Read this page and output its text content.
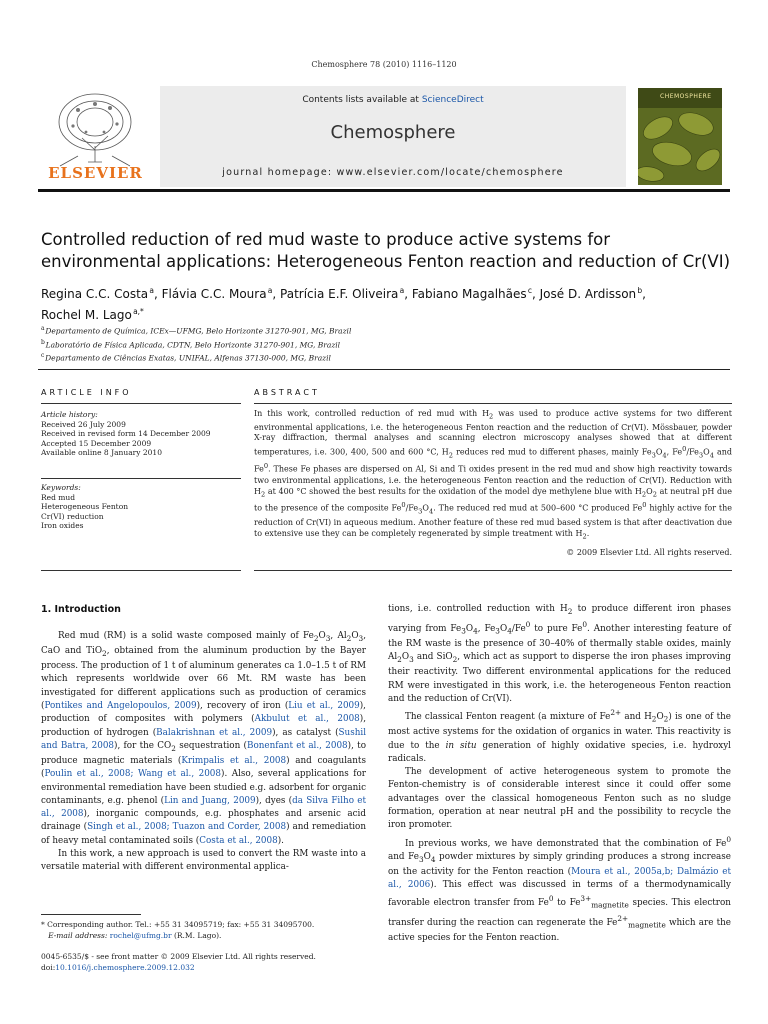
Chemosphere 78 (2010) 1116–1120
Contents lists available at ScienceDirect
Chemosphere
journal homepage: www.elsevier.com/locate/chemosphere
ELSEVIER
CHEMOSPHERE
Controlled reduction of red mud waste to produce active systems for
environmental applications: Heterogeneous Fenton reaction and reduction of Cr(VI)
Regina C.C. Costa $^a$, Flávia C.C. Moura $^a$, Patrícia E.F. Oliveira $^a$, Fabiano Magalhães $^c$, José D. Ardisson $^b$,
Rochel M. Lago $^{a,*}$
$^a$ Departamento de Química, ICEx—UFMG, Belo Horizonte 31270-901, MG, Brazil
$^b$ Laboratório de Física Aplicada, CDTN, Belo Horizonte 31270-901, MG, Brazil
$^c$ Departamento de Ciências Exatas, UNIFAL, Alfenas 37130-000, MG, Brazil
ARTICLE INFO	ABSTRACT
Article history:
Received 26 July 2009
Received in revised form 14 December 2009
Accepted 15 December 2009
Available online 8 January 2010
Keywords:
Red mud
Heterogeneous Fenton
Cr(VI) reduction
Iron oxides
In this work, controlled reduction of red mud with $H_2$ was used to produce active systems for two different environmental applications, i.e. the heterogeneous Fenton reaction and the reduction of Cr(VI). Mössbauer, powder X-ray diffraction, thermal analyses and scanning electron microscopy analyses showed that at different temperatures, i.e. 300, 400, 500 and 600 °C, $H_2$ reduces red mud to different phases, mainly $Fe_3O_4$, $Fe^0/Fe_3O_4$ and Fe$^0$. These Fe phases are dispersed on Al, Si and Ti oxides present in the red mud and show high reactivity towards two environmental applications, i.e. the heterogeneous Fenton reaction and the reduction of Cr(VI). Reduction with $H_2$ at 400 °C showed the best results for the oxidation of the model dye methylene blue with $H_2O_2$ at neutral pH due to the presence of the composite $Fe^0/Fe_3O_4$. The reduced red mud at 500–600 °C produced Fe$^0$ highly active for the reduction of Cr(VI) in aqueous medium. Another feature of these red mud based system is that after deactivation due to extensive use they can be completely regenerated by simple treatment with $H_2$.
© 2009 Elsevier Ltd. All rights reserved.
1. Introduction

Red mud (RM) is a solid waste composed mainly of $Fe_2O_3$, $Al_2O_3$, CaO and TiO$_2$, obtained from the aluminum production by the Bayer process. The production of 1 t of aluminum generates ca 1.0–1.5 t of RM which represents worldwide over 66 Mt. RM waste has been investigated for different applications such as production of ceramics (Pontikes and Angelopoulos, 2009), recovery of iron (Liu et al., 2009), production of composites with polymers (Akbulut et al., 2008), production of hydrogen (Balakrishnan et al., 2009), as catalyst (Sushil and Batra, 2008), for the $CO_2$ sequestration (Bonenfant et al., 2008), to produce magnetic materials (Krimpalis et al., 2008) and coagulants (Poulin et al., 2008; Wang et al., 2008). Also, several applications for environmental remediation have been studied e.g. adsorbent for organic contaminants, e.g. phenol (Lin and Juang, 2009), dyes (da Silva Filho et al., 2008), inorganic compounds, e.g. phosphates and arsenic acid drainage (Singh et al., 2008; Tuazon and Corder, 2008) and remediation of heavy metal contaminated soils (Costa et al., 2008).

In this work, a new approach is used to convert the RM waste into a versatile material with different environmental applica-

tions, i.e. controlled reduction with $H_2$ to produce different iron phases varying from $Fe_3O_4$, $Fe_3O_4/Fe^0$ to pure Fe$^0$. Another interesting feature of the RM waste is the presence of 30–40% of thermally stable oxides, mainly $Al_2O_3$ and SiO$_2$, which act as support to disperse the iron phases improving their reactivity. Two different environmental applications for the reduced RM were investigated in this work, i.e. the heterogeneous Fenton reaction and the reduction of Cr(VI).

The classical Fenton reagent (a mixture of $Fe^{2+}$ and $H_2O_2$) is one of the most active systems for the oxidation of organics in water. This reactivity is due to the in situ generation of highly oxidative species, i.e. hydroxyl radicals.

The development of active heterogeneous system to promote the Fenton-chemistry is of considerable interest since it could offer some advantages over the classical homogeneous Fenton such as no sludge formation, operation at near neutral pH and the possibility to recycle the iron promoter.

In previous works, we have demonstrated that the combination of Fe$^0$ and $Fe_3O_4$ powder mixtures by simply grinding produces a strong increase on the activity for the Fenton reaction (Moura et al., 2005a,b; Dalmázio et al., 2006). This effect was discussed in terms of a thermodynamically favorable electron transfer from Fe$^0$ to $Fe^{3+}_{magnetite}$ species. This electron transfer during the reaction can regenerate the $Fe^{2+}_{magnetite}$ which are the active species for the Fenton reaction.

* Corresponding author. Tel.: +55 31 34095719; fax: +55 31 34095700.
E-mail address: rochel@ufmg.br (R.M. Lago).
0045-6535/$ - see front matter © 2009 Elsevier Ltd. All rights reserved.
doi:10.1016/j.chemosphere.2009.12.032
